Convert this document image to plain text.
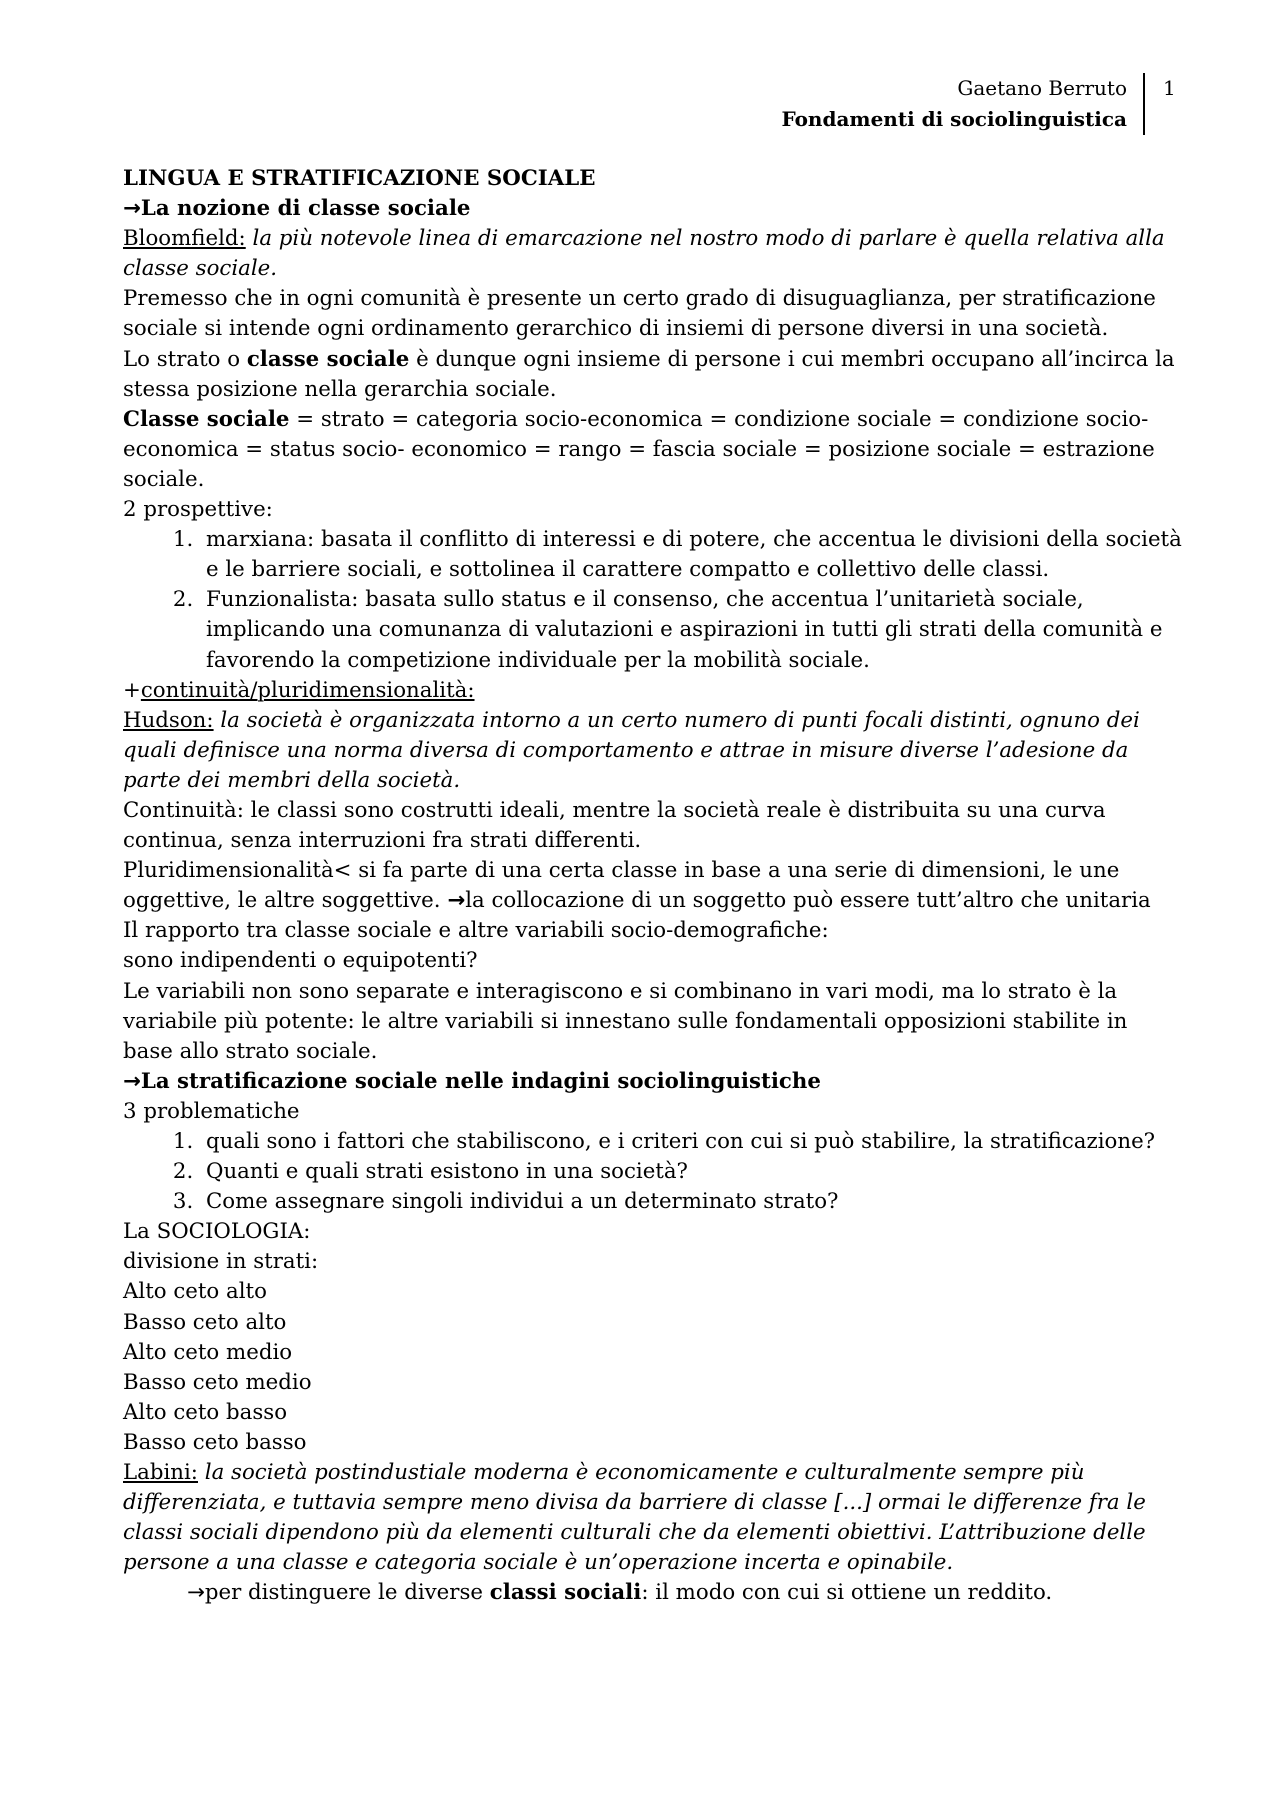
Gaetano Berruto
Fondamenti di sociolinguistica
1

LINGUA E STRATIFICAZIONE SOCIALE

→La nozione di classe sociale

Bloomfield: la più notevole linea di emarcazione nel nostro modo di parlare è quella relativa alla classe sociale.

Premesso che in ogni comunità è presente un certo grado di disuguaglianza, per stratificazione sociale si intende ogni ordinamento gerarchico di insiemi di persone diversi in una società.

Lo strato o classe sociale è dunque ogni insieme di persone i cui membri occupano all’incirca la stessa posizione nella gerarchia sociale.

Classe sociale = strato = categoria socio-economica = condizione sociale = condizione socio-economica = status socio- economico = rango = fascia sociale = posizione sociale = estrazione sociale.

2 prospettive:

1. marxiana: basata il conflitto di interessi e di potere, che accentua le divisioni della società e le barriere sociali, e sottolinea il carattere compatto e collettivo delle classi.
2. Funzionalista: basata sullo status e il consenso, che accentua l’unitarietà sociale, implicando una comunanza di valutazioni e aspirazioni in tutti gli strati della comunità e favorendo la competizione individuale per la mobilità sociale.

+continuità/pluridimensionalità:

Hudson: la società è organizzata intorno a un certo numero di punti focali distinti, ognuno dei quali definisce una norma diversa di comportamento e attrae in misure diverse l’adesione da parte dei membri della società.

Continuità: le classi sono costrutti ideali, mentre la società reale è distribuita su una curva continua, senza interruzioni fra strati differenti.

Pluridimensionalità< si fa parte di una certa classe in base a una serie di dimensioni, le une oggettive, le altre soggettive. →la collocazione di un soggetto può essere tutt’altro che unitaria

Il rapporto tra classe sociale e altre variabili socio-demografiche:

sono indipendenti o equipotenti?

Le variabili non sono separate e interagiscono e si combinano in vari modi, ma lo strato è la variabile più potente: le altre variabili si innestano sulle fondamentali opposizioni stabilite in base allo strato sociale.

→La stratificazione sociale nelle indagini sociolinguistiche

3 problematiche

1. quali sono i fattori che stabiliscono, e i criteri con cui si può stabilire, la stratificazione?
2. Quanti e quali strati esistono in una società?
3. Come assegnare singoli individui a un determinato strato?

La SOCIOLOGIA:

divisione in strati:

Alto ceto alto

Basso ceto alto

Alto ceto medio

Basso ceto medio

Alto ceto basso

Basso ceto basso

Labini: la società postindustiale moderna è economicamente e culturalmente sempre più differenziata, e tuttavia sempre meno divisa da barriere di classe [...] ormai le differenze fra le classi sociali dipendono più da elementi culturali che da elementi obiettivi. L’attribuzione delle persone a una classe e categoria sociale è un’operazione incerta e opinabile.

→per distinguere le diverse classi sociali: il modo con cui si ottiene un reddito.
